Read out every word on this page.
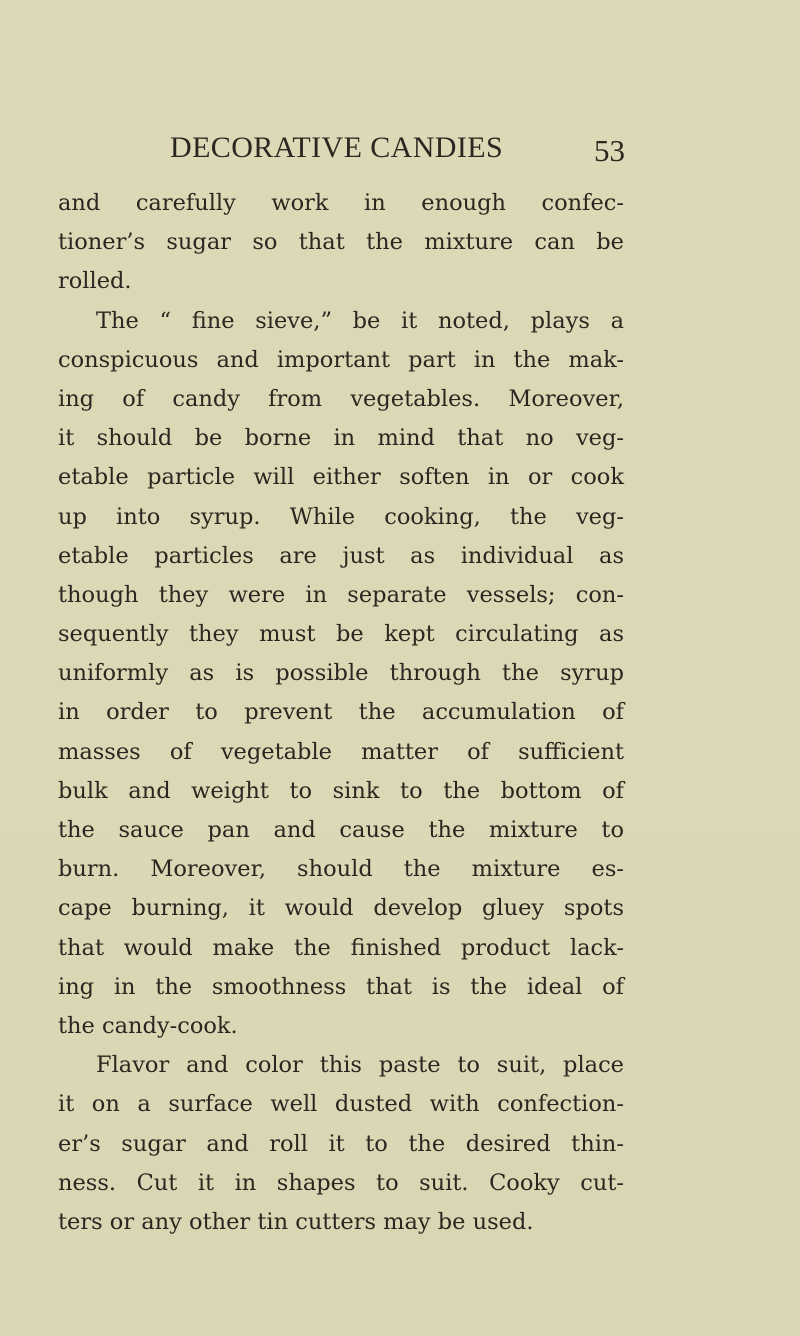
DECORATIVE CANDIES	53
and carefully work in enough confec-
tioner’s sugar so that the mixture can be
rolled.
The “ fine sieve,” be it noted, plays a
conspicuous and important part in the mak-
ing of candy from vegetables. Moreover,
it should be borne in mind that no veg-
etable particle will either soften in or cook
up into syrup. While cooking, the veg-
etable particles are just as individual as
though they were in separate vessels; con-
sequently they must be kept circulating as
uniformly as is possible through the syrup
in order to prevent the accumulation of
masses of vegetable matter of sufficient
bulk and weight to sink to the bottom of
the sauce pan and cause the mixture to
burn. Moreover, should the mixture es-
cape burning, it would develop gluey spots
that would make the finished product lack-
ing in the smoothness that is the ideal of
the candy-cook.
Flavor and color this paste to suit, place
it on a surface well dusted with confection-
er’s sugar and roll it to the desired thin-
ness. Cut it in shapes to suit. Cooky cut-
ters or any other tin cutters may be used.
